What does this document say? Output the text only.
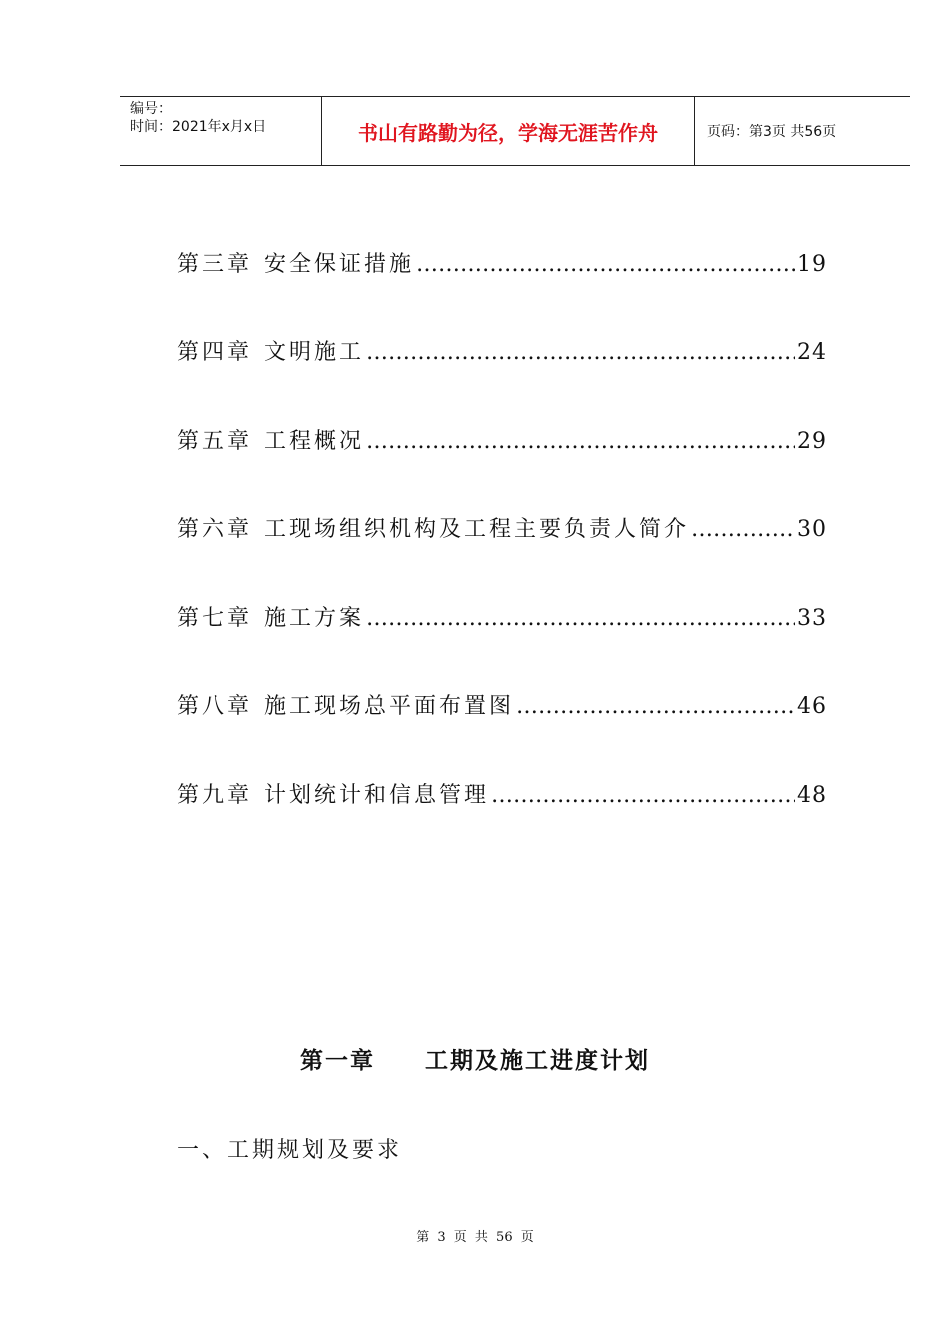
编号：
时间：2021年x月x日	书山有路勤为径，学海无涯苦作舟	页码：第3页 共56页
第三章 安全保证措施 ……………………………………………………………………………………………………………………	19
第四章 文明施工 ……………………………………………………………………………………………………………………	24
第五章 工程概况 ……………………………………………………………………………………………………………………	29
第六章 工现场组织机构及工程主要负责人简介 ……………………………………………………………………………………………………………………	30
第七章 施工方案 ……………………………………………………………………………………………………………………	33
第八章 施工现场总平面布置图 ……………………………………………………………………………………………………………………	46
第九章 计划统计和信息管理 ……………………………………………………………………………………………………………………	48
第一章 工期及施工进度计划
一、工期规划及要求
第 3 页 共 56 页
